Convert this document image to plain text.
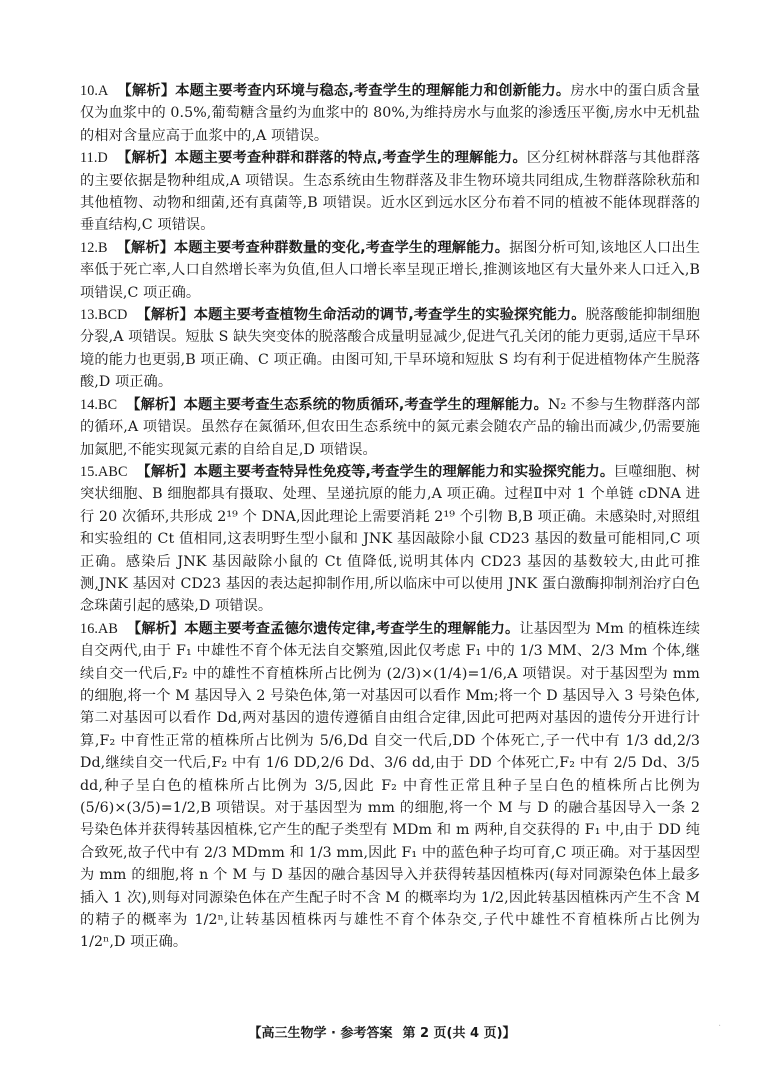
10.A 【解析】本题主要考查内环境与稳态,考查学生的理解能力和创新能力。房水中的蛋白质含量仅为血浆中的 0.5%,葡萄糖含量约为血浆中的 80%,为维持房水与血浆的渗透压平衡,房水中无机盐的相对含量应高于血浆中的,A 项错误。

11.D 【解析】本题主要考查种群和群落的特点,考查学生的理解能力。区分红树林群落与其他群落的主要依据是物种组成,A 项错误。生态系统由生物群落及非生物环境共同组成,生物群落除秋茄和其他植物、动物和细菌,还有真菌等,B 项错误。近水区到远水区分布着不同的植被不能体现群落的垂直结构,C 项错误。

12.B 【解析】本题主要考查种群数量的变化,考查学生的理解能力。据图分析可知,该地区人口出生率低于死亡率,人口自然增长率为负值,但人口增长率呈现正增长,推测该地区有大量外来人口迁入,B 项错误,C 项正确。

13.BCD 【解析】本题主要考查植物生命活动的调节,考查学生的实验探究能力。脱落酸能抑制细胞分裂,A 项错误。短肽 S 缺失突变体的脱落酸合成量明显减少,促进气孔关闭的能力更弱,适应干旱环境的能力也更弱,B 项正确、C 项正确。由图可知,干旱环境和短肽 S 均有利于促进植物体产生脱落酸,D 项正确。

14.BC 【解析】本题主要考查生态系统的物质循环,考查学生的理解能力。N₂ 不参与生物群落内部的循环,A 项错误。虽然存在氮循环,但农田生态系统中的氮元素会随农产品的输出而减少,仍需要施加氮肥,不能实现氮元素的自给自足,D 项错误。

15.ABC 【解析】本题主要考查特异性免疫等,考查学生的理解能力和实验探究能力。巨噬细胞、树突状细胞、B 细胞都具有摄取、处理、呈递抗原的能力,A 项正确。过程Ⅱ中对 1 个单链 cDNA 进行 20 次循环,共形成 2¹⁹ 个 DNA,因此理论上需要消耗 2¹⁹ 个引物 B,B 项正确。未感染时,对照组和实验组的 Ct 值相同,这表明野生型小鼠和 JNK 基因敲除小鼠 CD23 基因的数量可能相同,C 项正确。感染后 JNK 基因敲除小鼠的 Ct 值降低,说明其体内 CD23 基因的基数较大,由此可推测,JNK 基因对 CD23 基因的表达起抑制作用,所以临床中可以使用 JNK 蛋白激酶抑制剂治疗白色念珠菌引起的感染,D 项错误。

16.AB 【解析】本题主要考查孟德尔遗传定律,考查学生的理解能力。让基因型为 Mm 的植株连续自交两代,由于 F₁ 中雄性不育个体无法自交繁殖,因此仅考虑 F₁ 中的 1/3 MM、2/3 Mm 个体,继续自交一代后,F₂ 中的雄性不育植株所占比例为 (2/3)×(1/4)=1/6,A 项错误。对于基因型为 mm 的细胞,将一个 M 基因导入 2 号染色体,第一对基因可以看作 Mm;将一个 D 基因导入 3 号染色体,第二对基因可以看作 Dd,两对基因的遗传遵循自由组合定律,因此可把两对基因的遗传分开进行计算,F₂ 中育性正常的植株所占比例为 5/6,Dd 自交一代后,DD 个体死亡,子一代中有 1/3 dd,2/3 Dd,继续自交一代后,F₂ 中有 1/6 DD,2/6 Dd、3/6 dd,由于 DD 个体死亡,F₂ 中有 2/5 Dd、3/5 dd,种子呈白色的植株所占比例为 3/5,因此 F₂ 中育性正常且种子呈白色的植株所占比例为 (5/6)×(3/5)=1/2,B 项错误。对于基因型为 mm 的细胞,将一个 M 与 D 的融合基因导入一条 2 号染色体并获得转基因植株,它产生的配子类型有 MDm 和 m 两种,自交获得的 F₁ 中,由于 DD 纯合致死,故子代中有 2/3 MDmm 和 1/3 mm,因此 F₁ 中的蓝色种子均可育,C 项正确。对于基因型为 mm 的细胞,将 n 个 M 与 D 基因的融合基因导入并获得转基因植株丙(每对同源染色体上最多插入 1 次),则每对同源染色体在产生配子时不含 M 的概率均为 1/2,因此转基因植株丙产生不含 M 的精子的概率为 1/2ⁿ,让转基因植株丙与雄性不育个体杂交,子代中雄性不育植株所占比例为 1/2ⁿ,D 项正确。

【高三生物学 · 参考答案 第 2 页(共 4 页)】	·
